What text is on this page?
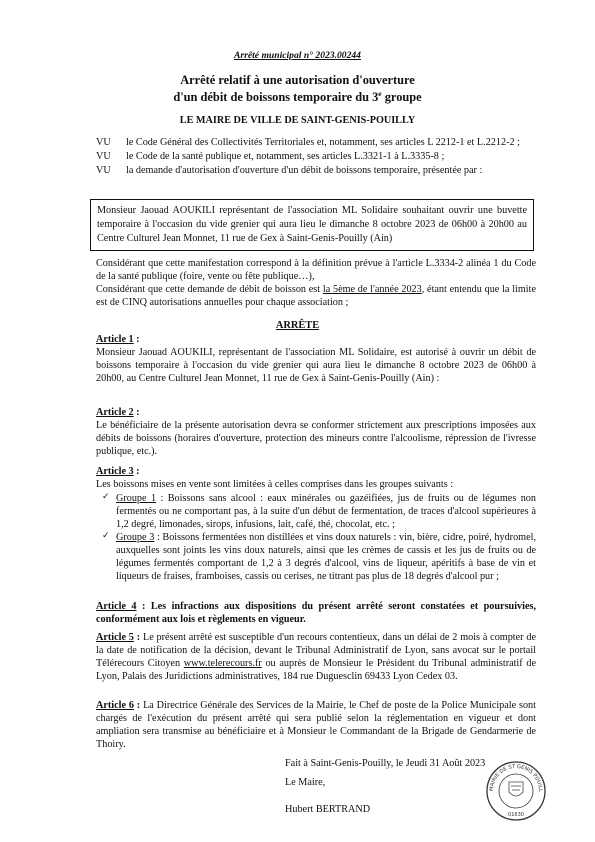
Arrêté municipal n° 2023.00244
Arrêté relatif à une autorisation d'ouverture
d'un débit de boissons temporaire du 3e groupe
LE MAIRE DE VILLE DE SAINT-GENIS-POUILLY
VU	le Code Général des Collectivités Territoriales et, notamment, ses articles L 2212-1 et L.2212-2 ;
VU	le Code de la santé publique et, notamment, ses articles L.3321-1 à L.3335-8 ;
VU	la demande d'autorisation d'ouverture d'un débit de boissons temporaire, présentée par :
Monsieur Jaouad AOUKILI représentant de l'association ML Solidaire souhaitant ouvrir une buvette temporaire à l'occasion du vide grenier qui aura lieu le dimanche 8 octobre 2023 de 06h00 à 20h00 au Centre Culturel Jean Monnet, 11 rue de Gex à Saint-Genis-Pouilly (Ain)
Considérant que cette manifestation correspond à la définition prévue à l'article L.3334-2 alinéa 1 du Code de la santé publique (foire, vente ou fête publique…),
Considérant que cette demande de débit de boisson est la 5ème de l'année 2023, étant entendu que la limite est de CINQ autorisations annuelles pour chaque association ;
ARRÊTE
Article 1 :
Monsieur Jaouad AOUKILI, représentant de l'association ML Solidaire, est autorisé à ouvrir un débit de boissons temporaire à l'occasion du vide grenier qui aura lieu le dimanche 8 octobre 2023 de 06h00 à 20h00, au Centre Culturel Jean Monnet, 11 rue de Gex à Saint-Genis-Pouilly (Ain) :
Article 2 :
Le bénéficiaire de la présente autorisation devra se conformer strictement aux prescriptions imposées aux débits de boissons (horaires d'ouverture, protection des mineurs contre l'alcoolisme, répression de l'ivresse publique, etc.).
Article 3 :
Les boissons mises en vente sont limitées à celles comprises dans les groupes suivants :
✓ Groupe 1 : Boissons sans alcool : eaux minérales ou gazéifiées, jus de fruits ou de légumes non fermentés ou ne comportant pas, à la suite d'un début de fermentation, de traces d'alcool supérieures à 1,2 degré, limonades, sirops, infusions, lait, café, thé, chocolat, etc. ;
✓ Groupe 3 : Boissons fermentées non distillées et vins doux naturels : vin, bière, cidre, poiré, hydromel, auxquelles sont joints les vins doux naturels, ainsi que les crèmes de cassis et les jus de fruits ou de légumes fermentés comportant de 1,2 à 3 degrés d'alcool, vins de liqueur, apéritifs à base de vin et liqueurs de fraises, framboises, cassis ou cerises, ne titrant pas plus de 18 degrés d'alcool pur ;
Article 4 : Les infractions aux dispositions du présent arrêté seront constatées et poursuivies, conformément aux lois et règlements en vigueur.
Article 5 : Le présent arrêté est susceptible d'un recours contentieux, dans un délai de 2 mois à compter de la date de notification de la décision, devant le Tribunal Administratif de Lyon, sans avocat sur le portail Télérecours Citoyen www.telerecours.fr ou auprès de Monsieur le Président du Tribunal administratif de Lyon, Palais des Juridictions administratives, 184 rue Duguesclin 69433 Lyon Cedex 03.
Article 6 : La Directrice Générale des Services de la Mairie, le Chef de poste de la Police Municipale sont chargés de l'exécution du présent arrêté qui sera publié selon la réglementation en vigueur et dont ampliation sera transmise au bénéficiaire et à Monsieur le Commandant de la Brigade de Gendarmerie de Thoiry.
Fait à Saint-Genis-Pouilly, le Jeudi 31 Août 2023
Le Maire,
Hubert BERTRAND
MAIRIE DE ST GENIS POUILL
01630
